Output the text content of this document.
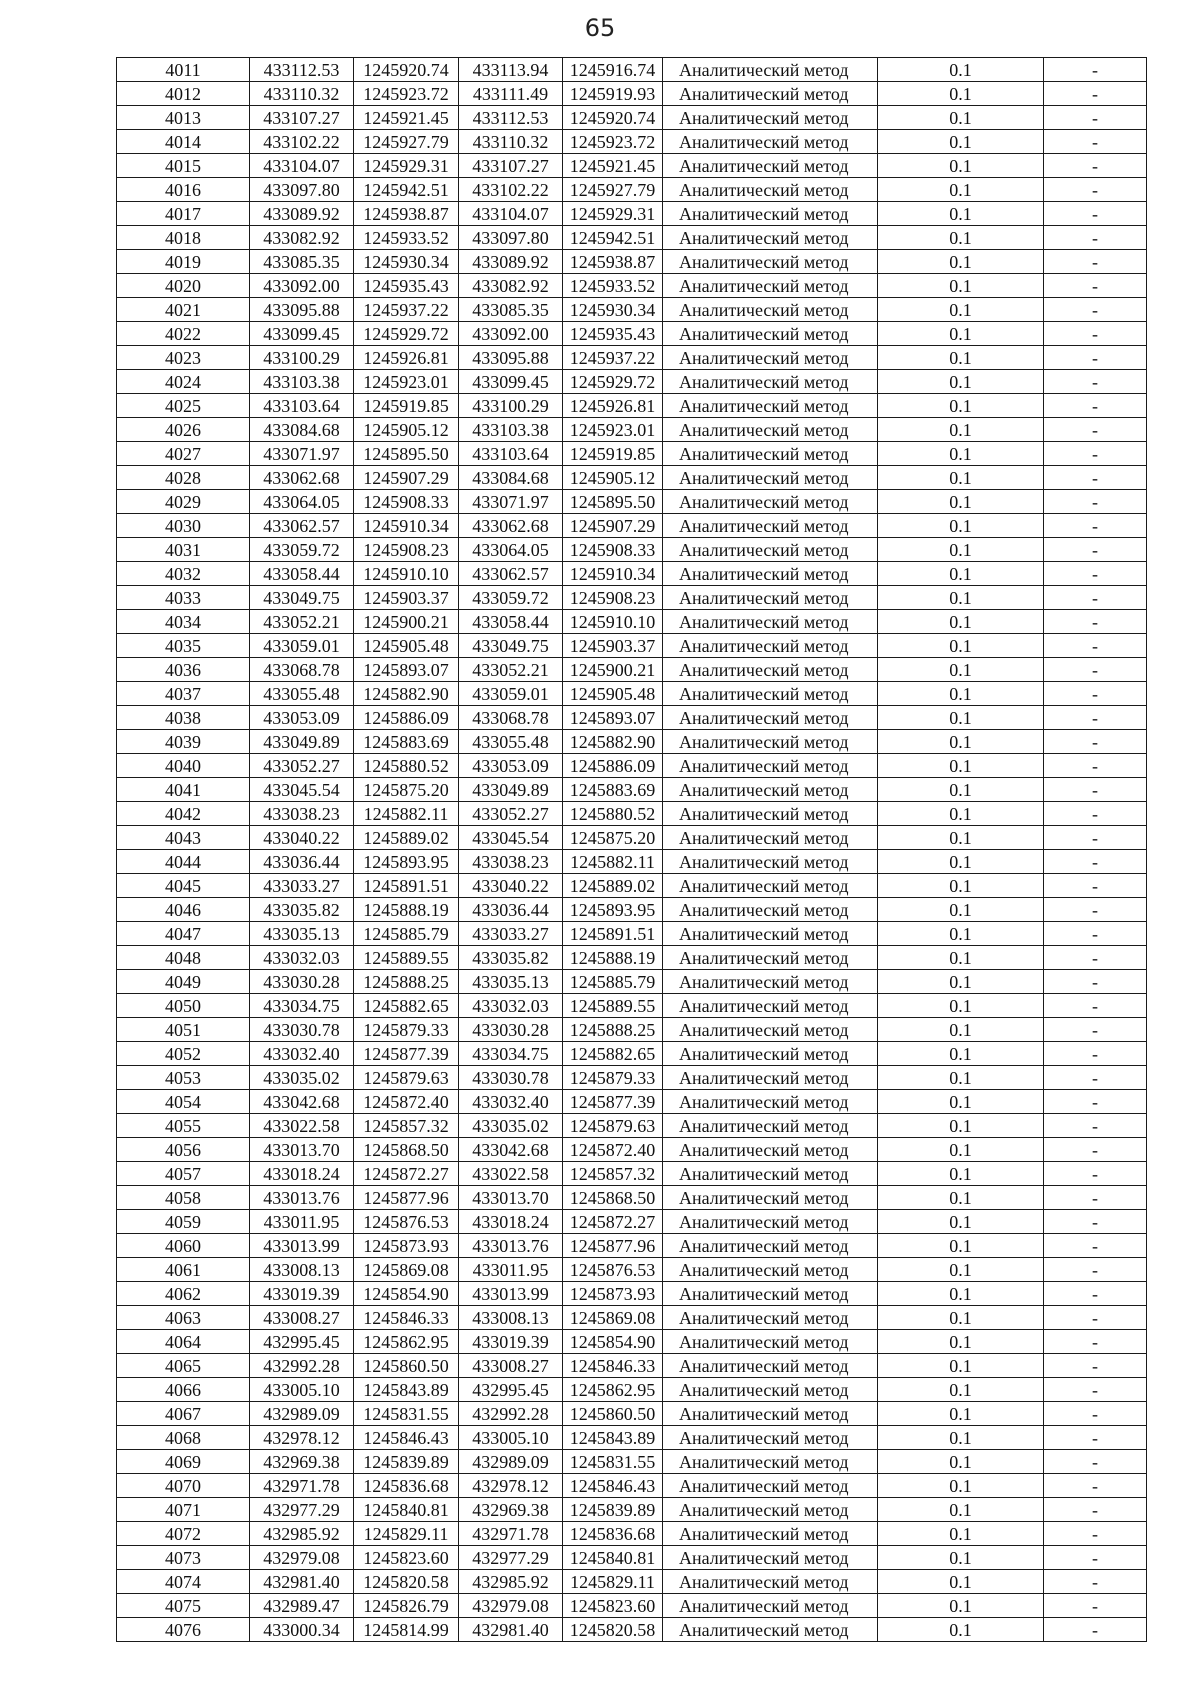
65
4011	433112.53	1245920.74	433113.94	1245916.74	Аналитический метод	0.1	-
4012	433110.32	1245923.72	433111.49	1245919.93	Аналитический метод	0.1	-
4013	433107.27	1245921.45	433112.53	1245920.74	Аналитический метод	0.1	-
4014	433102.22	1245927.79	433110.32	1245923.72	Аналитический метод	0.1	-
4015	433104.07	1245929.31	433107.27	1245921.45	Аналитический метод	0.1	-
4016	433097.80	1245942.51	433102.22	1245927.79	Аналитический метод	0.1	-
4017	433089.92	1245938.87	433104.07	1245929.31	Аналитический метод	0.1	-
4018	433082.92	1245933.52	433097.80	1245942.51	Аналитический метод	0.1	-
4019	433085.35	1245930.34	433089.92	1245938.87	Аналитический метод	0.1	-
4020	433092.00	1245935.43	433082.92	1245933.52	Аналитический метод	0.1	-
4021	433095.88	1245937.22	433085.35	1245930.34	Аналитический метод	0.1	-
4022	433099.45	1245929.72	433092.00	1245935.43	Аналитический метод	0.1	-
4023	433100.29	1245926.81	433095.88	1245937.22	Аналитический метод	0.1	-
4024	433103.38	1245923.01	433099.45	1245929.72	Аналитический метод	0.1	-
4025	433103.64	1245919.85	433100.29	1245926.81	Аналитический метод	0.1	-
4026	433084.68	1245905.12	433103.38	1245923.01	Аналитический метод	0.1	-
4027	433071.97	1245895.50	433103.64	1245919.85	Аналитический метод	0.1	-
4028	433062.68	1245907.29	433084.68	1245905.12	Аналитический метод	0.1	-
4029	433064.05	1245908.33	433071.97	1245895.50	Аналитический метод	0.1	-
4030	433062.57	1245910.34	433062.68	1245907.29	Аналитический метод	0.1	-
4031	433059.72	1245908.23	433064.05	1245908.33	Аналитический метод	0.1	-
4032	433058.44	1245910.10	433062.57	1245910.34	Аналитический метод	0.1	-
4033	433049.75	1245903.37	433059.72	1245908.23	Аналитический метод	0.1	-
4034	433052.21	1245900.21	433058.44	1245910.10	Аналитический метод	0.1	-
4035	433059.01	1245905.48	433049.75	1245903.37	Аналитический метод	0.1	-
4036	433068.78	1245893.07	433052.21	1245900.21	Аналитический метод	0.1	-
4037	433055.48	1245882.90	433059.01	1245905.48	Аналитический метод	0.1	-
4038	433053.09	1245886.09	433068.78	1245893.07	Аналитический метод	0.1	-
4039	433049.89	1245883.69	433055.48	1245882.90	Аналитический метод	0.1	-
4040	433052.27	1245880.52	433053.09	1245886.09	Аналитический метод	0.1	-
4041	433045.54	1245875.20	433049.89	1245883.69	Аналитический метод	0.1	-
4042	433038.23	1245882.11	433052.27	1245880.52	Аналитический метод	0.1	-
4043	433040.22	1245889.02	433045.54	1245875.20	Аналитический метод	0.1	-
4044	433036.44	1245893.95	433038.23	1245882.11	Аналитический метод	0.1	-
4045	433033.27	1245891.51	433040.22	1245889.02	Аналитический метод	0.1	-
4046	433035.82	1245888.19	433036.44	1245893.95	Аналитический метод	0.1	-
4047	433035.13	1245885.79	433033.27	1245891.51	Аналитический метод	0.1	-
4048	433032.03	1245889.55	433035.82	1245888.19	Аналитический метод	0.1	-
4049	433030.28	1245888.25	433035.13	1245885.79	Аналитический метод	0.1	-
4050	433034.75	1245882.65	433032.03	1245889.55	Аналитический метод	0.1	-
4051	433030.78	1245879.33	433030.28	1245888.25	Аналитический метод	0.1	-
4052	433032.40	1245877.39	433034.75	1245882.65	Аналитический метод	0.1	-
4053	433035.02	1245879.63	433030.78	1245879.33	Аналитический метод	0.1	-
4054	433042.68	1245872.40	433032.40	1245877.39	Аналитический метод	0.1	-
4055	433022.58	1245857.32	433035.02	1245879.63	Аналитический метод	0.1	-
4056	433013.70	1245868.50	433042.68	1245872.40	Аналитический метод	0.1	-
4057	433018.24	1245872.27	433022.58	1245857.32	Аналитический метод	0.1	-
4058	433013.76	1245877.96	433013.70	1245868.50	Аналитический метод	0.1	-
4059	433011.95	1245876.53	433018.24	1245872.27	Аналитический метод	0.1	-
4060	433013.99	1245873.93	433013.76	1245877.96	Аналитический метод	0.1	-
4061	433008.13	1245869.08	433011.95	1245876.53	Аналитический метод	0.1	-
4062	433019.39	1245854.90	433013.99	1245873.93	Аналитический метод	0.1	-
4063	433008.27	1245846.33	433008.13	1245869.08	Аналитический метод	0.1	-
4064	432995.45	1245862.95	433019.39	1245854.90	Аналитический метод	0.1	-
4065	432992.28	1245860.50	433008.27	1245846.33	Аналитический метод	0.1	-
4066	433005.10	1245843.89	432995.45	1245862.95	Аналитический метод	0.1	-
4067	432989.09	1245831.55	432992.28	1245860.50	Аналитический метод	0.1	-
4068	432978.12	1245846.43	433005.10	1245843.89	Аналитический метод	0.1	-
4069	432969.38	1245839.89	432989.09	1245831.55	Аналитический метод	0.1	-
4070	432971.78	1245836.68	432978.12	1245846.43	Аналитический метод	0.1	-
4071	432977.29	1245840.81	432969.38	1245839.89	Аналитический метод	0.1	-
4072	432985.92	1245829.11	432971.78	1245836.68	Аналитический метод	0.1	-
4073	432979.08	1245823.60	432977.29	1245840.81	Аналитический метод	0.1	-
4074	432981.40	1245820.58	432985.92	1245829.11	Аналитический метод	0.1	-
4075	432989.47	1245826.79	432979.08	1245823.60	Аналитический метод	0.1	-
4076	433000.34	1245814.99	432981.40	1245820.58	Аналитический метод	0.1	-
